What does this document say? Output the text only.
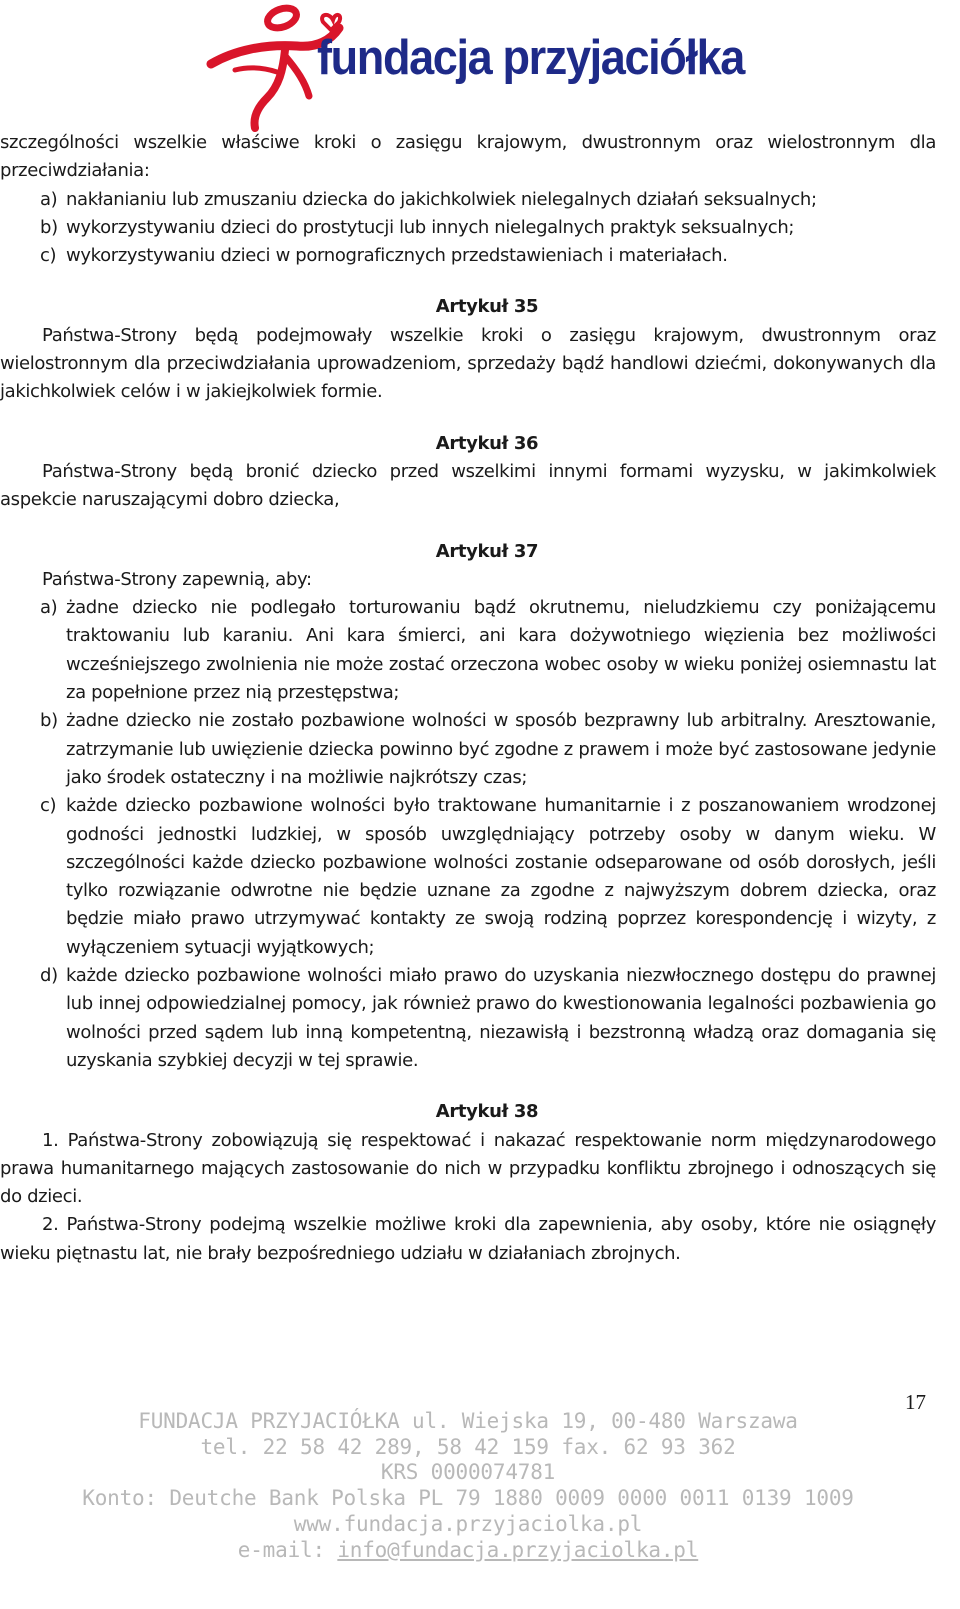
fundacja przyjaciółka

szczególności wszelkie właściwe kroki o zasięgu krajowym, dwustronnym oraz wielostronnym dla przeciwdziałania:

a) nakłanianiu lub zmuszaniu dziecka do jakichkolwiek nielegalnych działań seksualnych;
b) wykorzystywaniu dzieci do prostytucji lub innych nielegalnych praktyk seksualnych;
c) wykorzystywaniu dzieci w pornograficznych przedstawieniach i materiałach.

Artykuł 35

Państwa-Strony będą podejmowały wszelkie kroki o zasięgu krajowym, dwustronnym oraz wielostronnym dla przeciwdziałania uprowadzeniom, sprzedaży bądź handlowi dziećmi, dokonywanych dla jakichkolwiek celów i w jakiejkolwiek formie.

Artykuł 36

Państwa-Strony będą bronić dziecko przed wszelkimi innymi formami wyzysku, w jakimkolwiek aspekcie naruszającymi dobro dziecka,

Artykuł 37

Państwa-Strony zapewnią, aby:

a) żadne dziecko nie podlegało torturowaniu bądź okrutnemu, nieludzkiemu czy poniżającemu traktowaniu lub karaniu. Ani kara śmierci, ani kara dożywotniego więzienia bez możliwości wcześniejszego zwolnienia nie może zostać orzeczona wobec osoby w wieku poniżej osiemnastu lat za popełnione przez nią przestępstwa;
b) żadne dziecko nie zostało pozbawione wolności w sposób bezprawny lub arbitralny. Aresztowanie, zatrzymanie lub uwięzienie dziecka powinno być zgodne z prawem i może być zastosowane jedynie jako środek ostateczny i na możliwie najkrótszy czas;
c) każde dziecko pozbawione wolności było traktowane humanitarnie i z poszanowaniem wrodzonej godności jednostki ludzkiej, w sposób uwzględniający potrzeby osoby w danym wieku. W szczególności każde dziecko pozbawione wolności zostanie odseparowane od osób dorosłych, jeśli tylko rozwiązanie odwrotne nie będzie uznane za zgodne z najwyższym dobrem dziecka, oraz będzie miało prawo utrzymywać kontakty ze swoją rodziną poprzez korespondencję i wizyty, z wyłączeniem sytuacji wyjątkowych;
d) każde dziecko pozbawione wolności miało prawo do uzyskania niezwłocznego dostępu do prawnej lub innej odpowiedzialnej pomocy, jak również prawo do kwestionowania legalności pozbawienia go wolności przed sądem lub inną kompetentną, niezawisłą i bezstronną władzą oraz domagania się uzyskania szybkiej decyzji w tej sprawie.

Artykuł 38

1. Państwa-Strony zobowiązują się respektować i nakazać respektowanie norm międzynarodowego prawa humanitarnego mających zastosowanie do nich w przypadku konfliktu zbrojnego i odnoszących się do dzieci.

2. Państwa-Strony podejmą wszelkie możliwe kroki dla zapewnienia, aby osoby, które nie osiągnęły wieku piętnastu lat, nie brały bezpośredniego udziału w działaniach zbrojnych.

17
FUNDACJA PRZYJACIÓŁKA ul. Wiejska 19, 00-480 Warszawa
tel. 22 58 42 289, 58 42 159 fax. 62 93 362
KRS 0000074781
Konto: Deutche Bank Polska PL 79 1880 0009 0000 0011 0139 1009
www.fundacja.przyjaciolka.pl
e-mail: info@fundacja.przyjaciolka.pl
